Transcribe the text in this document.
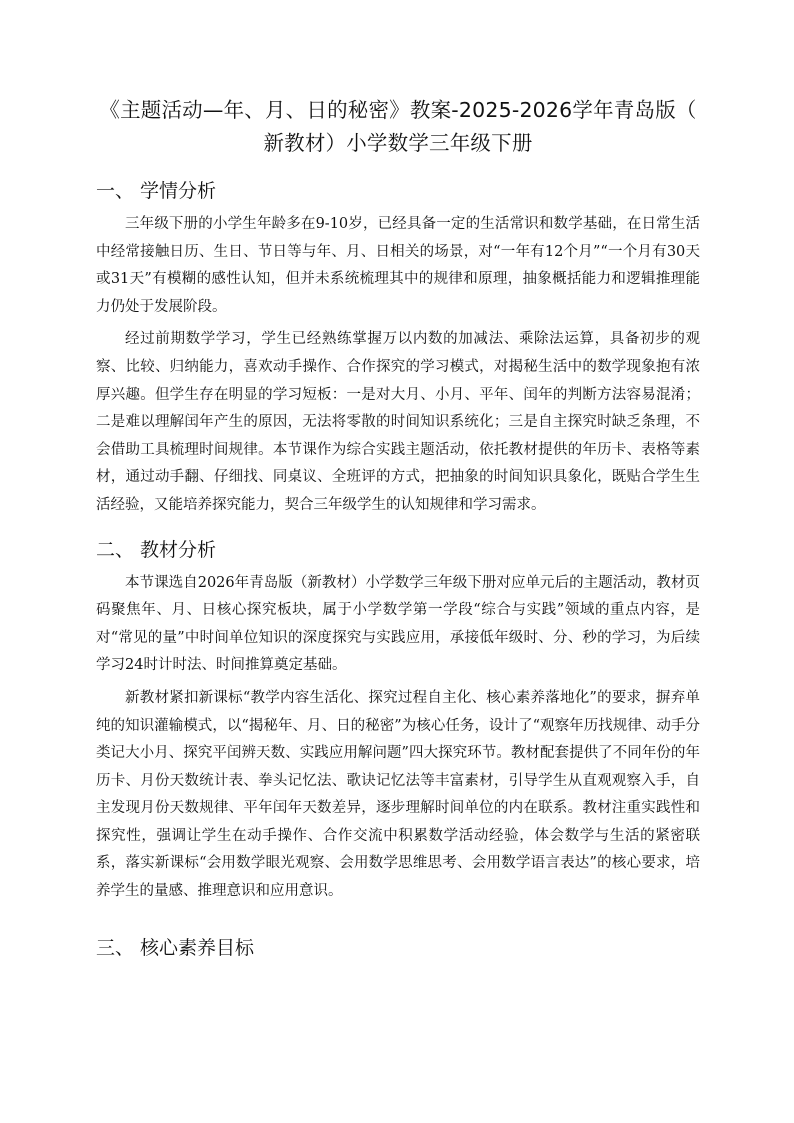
《主题活动—年、月、日的秘密》教案-2025-2026学年青岛版（
新教材）小学数学三年级下册
一、 学情分析

三年级下册的小学生年龄多在9-10岁，已经具备一定的生活常识和数学基础，在日常生活中经常接触日历、生日、节日等与年、月、日相关的场景，对“一年有12个月”“一个月有30天或31天”有模糊的感性认知，但并未系统梳理其中的规律和原理，抽象概括能力和逻辑推理能力仍处于发展阶段。

经过前期数学学习，学生已经熟练掌握万以内数的加减法、乘除法运算，具备初步的观察、比较、归纳能力，喜欢动手操作、合作探究的学习模式，对揭秘生活中的数学现象抱有浓厚兴趣。但学生存在明显的学习短板：一是对大月、小月、平年、闰年的判断方法容易混淆；二是难以理解闰年产生的原因，无法将零散的时间知识系统化；三是自主探究时缺乏条理，不会借助工具梳理时间规律。本节课作为综合实践主题活动，依托教材提供的年历卡、表格等素材，通过动手翻、仔细找、同桌议、全班评的方式，把抽象的时间知识具象化，既贴合学生生活经验，又能培养探究能力，契合三年级学生的认知规律和学习需求。

二、 教材分析

本节课选自2026年青岛版（新教材）小学数学三年级下册对应单元后的主题活动，教材页码聚焦年、月、日核心探究板块，属于小学数学第一学段“综合与实践”领域的重点内容，是对“常见的量”中时间单位知识的深度探究与实践应用，承接低年级时、分、秒的学习，为后续学习24时计时法、时间推算奠定基础。

新教材紧扣新课标“教学内容生活化、探究过程自主化、核心素养落地化”的要求，摒弃单纯的知识灌输模式，以“揭秘年、月、日的秘密”为核心任务，设计了“观察年历找规律、动手分类记大小月、探究平闰辨天数、实践应用解问题”四大探究环节。教材配套提供了不同年份的年历卡、月份天数统计表、拳头记忆法、歌诀记忆法等丰富素材，引导学生从直观观察入手，自主发现月份天数规律、平年闰年天数差异，逐步理解时间单位的内在联系。教材注重实践性和探究性，强调让学生在动手操作、合作交流中积累数学活动经验，体会数学与生活的紧密联系，落实新课标“会用数学眼光观察、会用数学思维思考、会用数学语言表达”的核心要求，培养学生的量感、推理意识和应用意识。

三、 核心素养目标
